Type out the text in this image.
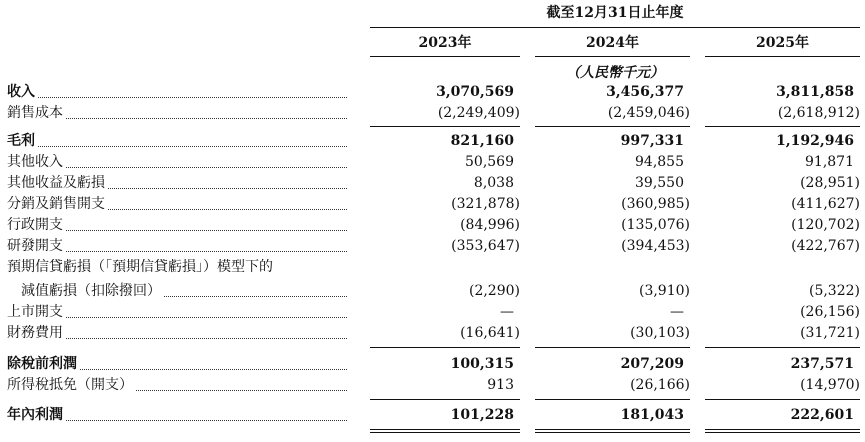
截至12月31日止年度
2023年	2024年	2025年
（人民幣千元）
收入	3,070,569	3,456,377	3,811,858
銷售成本	(2,249,409)	(2,459,046)	(2,618,912)
毛利	821,160	997,331	1,192,946
其他收入	50,569	94,855	91,871
其他收益及虧損	8,038	39,550	(28,951)
分銷及銷售開支	(321,878)	(360,985)	(411,627)
行政開支	(84,996)	(135,076)	(120,702)
研發開支	(353,647)	(394,453)	(422,767)
預期信貸虧損（「預期信貸虧損」）模型下的
減值虧損（扣除撥回）	(2,290)	(3,910)	(5,322)
上市開支	—	—	(26,156)
財務費用	(16,641)	(30,103)	(31,721)
除稅前利潤	100,315	207,209	237,571
所得稅抵免（開支）	913	(26,166)	(14,970)
年內利潤	101,228	181,043	222,601
